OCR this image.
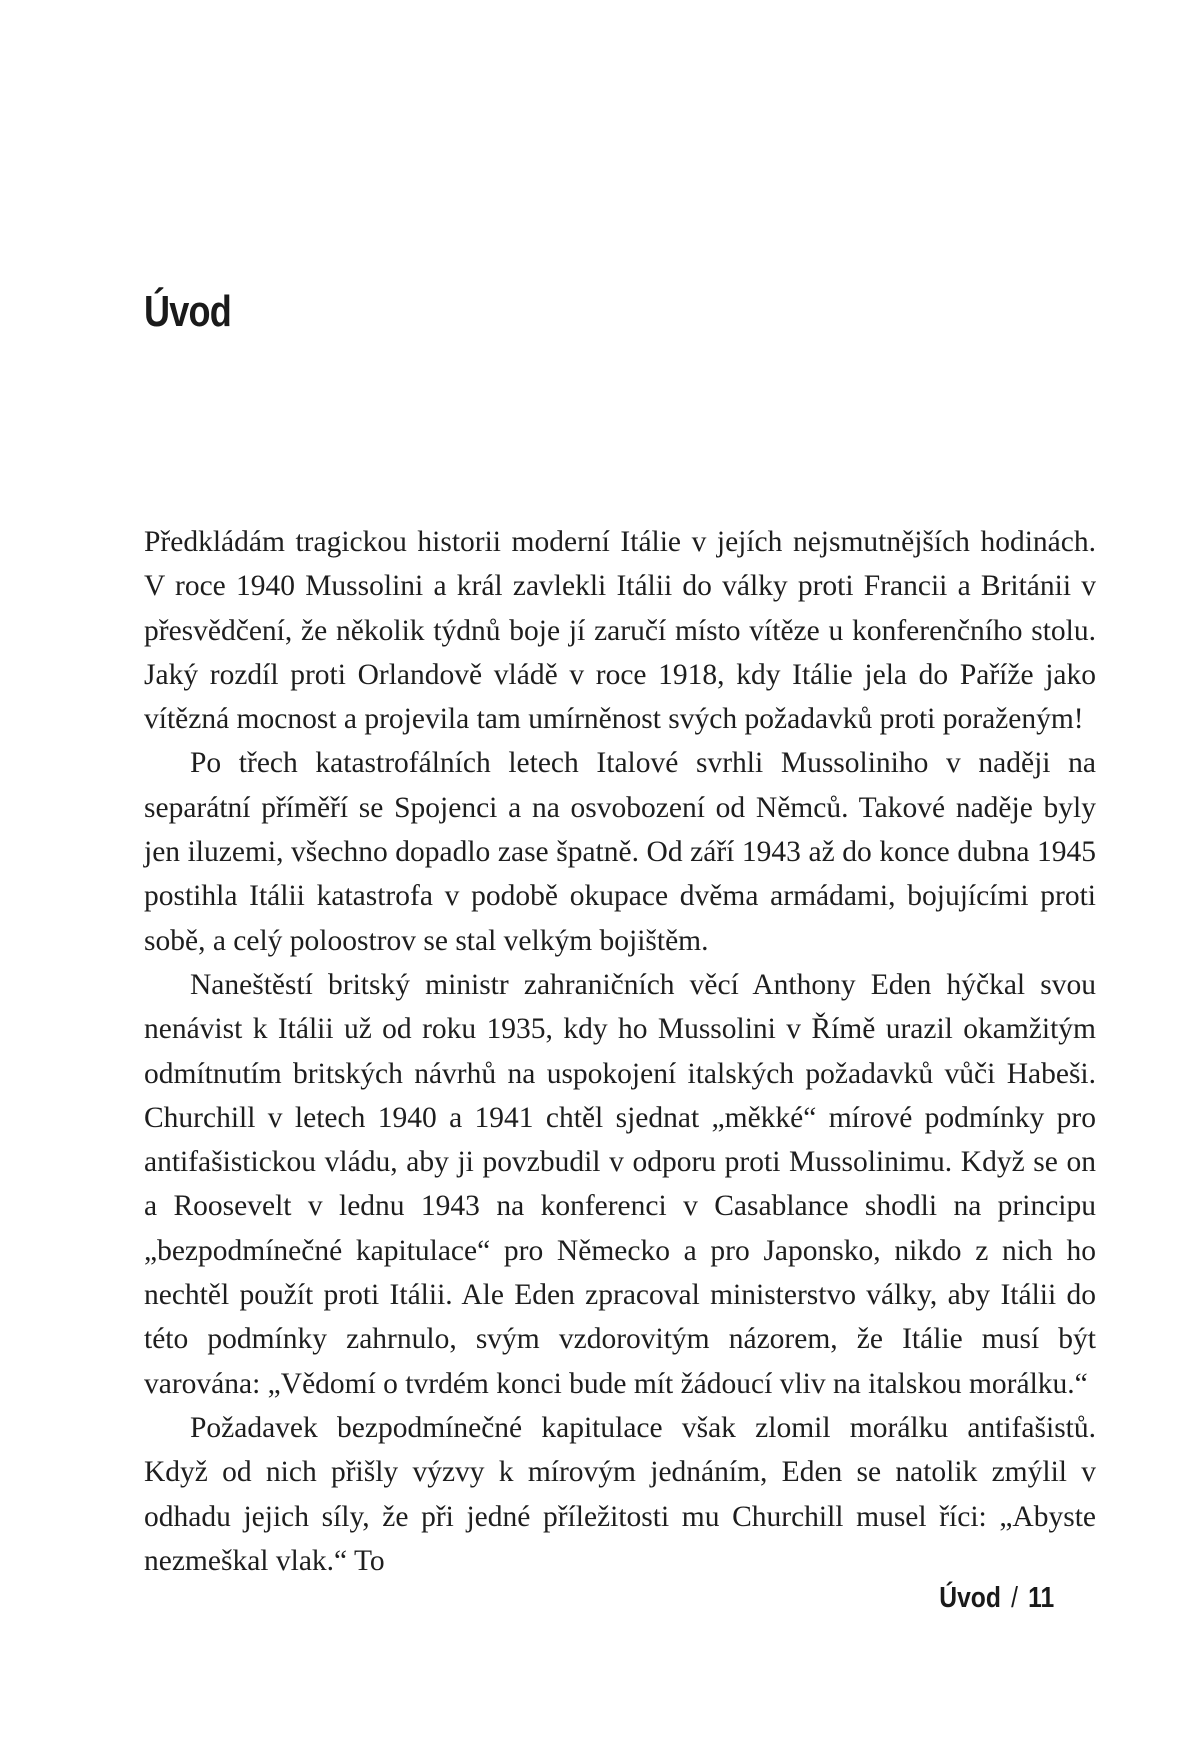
Úvod

Předkládám tragickou historii moderní Itálie v jejích nejsmutnějších hodinách. V roce 1940 Mussolini a král zavlekli Itálii do války proti Francii a Británii v přesvědčení, že několik týdnů boje jí zaručí místo vítěze u konferenčního stolu. Jaký rozdíl proti Orlandově vládě v roce 1918, kdy Itálie jela do Paříže jako vítězná mocnost a projevila tam umírněnost svých požadavků proti poraženým!

Po třech katastrofálních letech Italové svrhli Mussoliniho v naději na separátní příměří se Spojenci a na osvobození od Němců. Takové naděje byly jen iluzemi, všechno dopadlo zase špatně. Od září 1943 až do konce dubna 1945 postihla Itálii katastrofa v podobě okupace dvěma armádami, bojujícími proti sobě, a celý poloostrov se stal velkým bojištěm.

Naneštěstí britský ministr zahraničních věcí Anthony Eden hýčkal svou nenávist k Itálii už od roku 1935, kdy ho Mussolini v Římě urazil okamžitým odmítnutím britských návrhů na uspokojení italských požadavků vůči Habeši. Churchill v letech 1940 a 1941 chtěl sjednat „měkké“ mírové podmínky pro antifašistickou vládu, aby ji povzbudil v odporu proti Mussolinimu. Když se on a Roosevelt v lednu 1943 na konferenci v Casablance shodli na principu „bezpodmínečné kapitulace“ pro Německo a pro Japonsko, nikdo z nich ho nechtěl použít proti Itálii. Ale Eden zpracoval ministerstvo války, aby Itálii do této podmínky zahrnulo, svým vzdorovitým názorem, že Itálie musí být varována: „Vědomí o tvrdém konci bude mít žádoucí vliv na italskou morálku.“

Požadavek bezpodmínečné kapitulace však zlomil morálku antifašistů. Když od nich přišly výzvy k mírovým jednáním, Eden se natolik zmýlil v odhadu jejich síly, že při jedné příležitosti mu Churchill musel říci: „Abyste nezmeškal vlak.“ To

Úvod / 11
